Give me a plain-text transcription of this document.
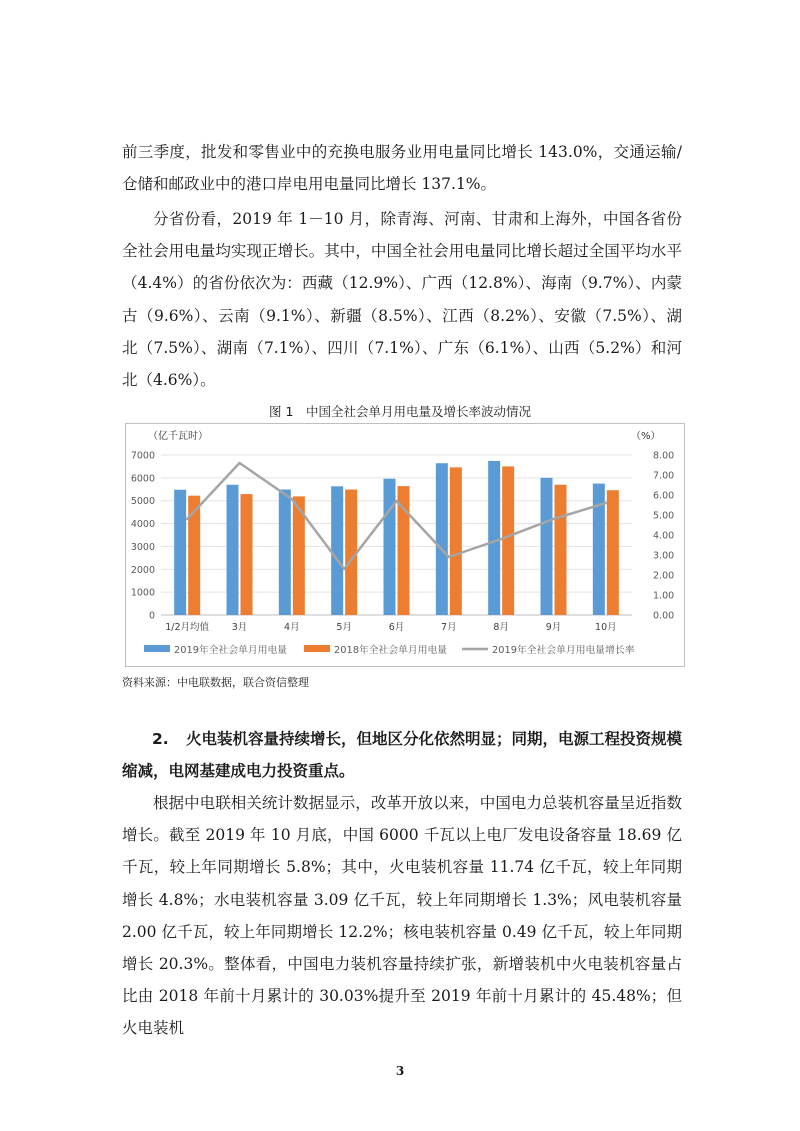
前三季度，批发和零售业中的充换电服务业用电量同比增长 143.0%，交通运输/仓储和邮政业中的港口岸电用电量同比增长 137.1%。

分省份看，2019 年 1－10 月，除青海、河南、甘肃和上海外，中国各省份全社会用电量均实现正增长。其中，中国全社会用电量同比增长超过全国平均水平（4.4%）的省份依次为：西藏（12.9%）、广西（12.8%）、海南（9.7%）、内蒙古（9.6%）、云南（9.1%）、新疆（8.5%）、江西（8.2%）、安徽（7.5%）、湖北（7.5%）、湖南（7.1%）、四川（7.1%）、广东（6.1%）、山西（5.2%）和河北（4.6%）。

图 1　中国全社会单月用电量及增长率波动情况
（亿千瓦时）	（%）
0
1000
2000
3000
4000
5000
6000
7000
0.00
1.00
2.00
3.00
4.00
5.00
6.00
7.00
8.00
1/2月均值 3月	4月	5月	6月	7月	8月	9月	10月
2019年全社会单月用电量	2018年全社会单月用电量	2019年全社会单月用电量增长率
资料来源：中电联数据，联合资信整理

2. 火电装机容量持续增长，但地区分化依然明显；同期，电源工程投资规模缩减，电网基建成电力投资重点。

根据中电联相关统计数据显示，改革开放以来，中国电力总装机容量呈近指数增长。截至 2019 年 10 月底，中国 6000 千瓦以上电厂发电设备容量 18.69 亿千瓦，较上年同期增长 5.8%；其中，火电装机容量 11.74 亿千瓦，较上年同期增长 4.8%；水电装机容量 3.09 亿千瓦，较上年同期增长 1.3%；风电装机容量 2.00 亿千瓦，较上年同期增长 12.2%；核电装机容量 0.49 亿千瓦，较上年同期增长 20.3%。整体看，中国电力装机容量持续扩张，新增装机中火电装机容量占比由 2018 年前十月累计的 30.03%提升至 2019 年前十月累计的 45.48%；但火电装机

3
